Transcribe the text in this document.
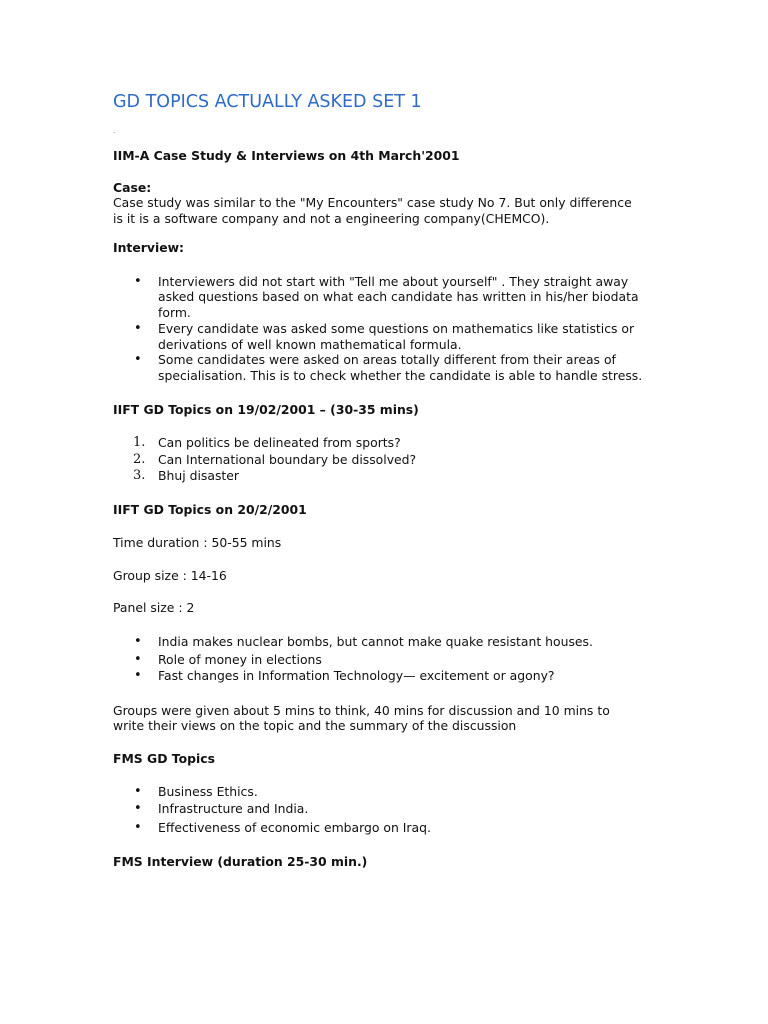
GD TOPICS ACTUALLY ASKED SET 1
.
IIM-A Case Study & Interviews on 4th March'2001
Case:
Case study was similar to the "My Encounters" case study No 7. But only difference
is it is a software company and not a engineering company(CHEMCO).
Interview:
• Interviewers did not start with "Tell me about yourself" . They straight away
asked questions based on what each candidate has written in his/her biodata
form.
• Every candidate was asked some questions on mathematics like statistics or
derivations of well known mathematical formula.
• Some candidates were asked on areas totally different from their areas of
specialisation. This is to check whether the candidate is able to handle stress.
IIFT GD Topics on 19/02/2001 – (30-35 mins)
1. Can politics be delineated from sports?
2. Can International boundary be dissolved?
3. Bhuj disaster
IIFT GD Topics on 20/2/2001
Time duration : 50-55 mins
Group size : 14-16
Panel size : 2
• India makes nuclear bombs, but cannot make quake resistant houses.
• Role of money in elections
• Fast changes in Information Technology— excitement or agony?
Groups were given about 5 mins to think, 40 mins for discussion and 10 mins to
write their views on the topic and the summary of the discussion
FMS GD Topics
• Business Ethics.
• Infrastructure and India.
• Effectiveness of economic embargo on Iraq.
FMS Interview (duration 25-30 min.)
